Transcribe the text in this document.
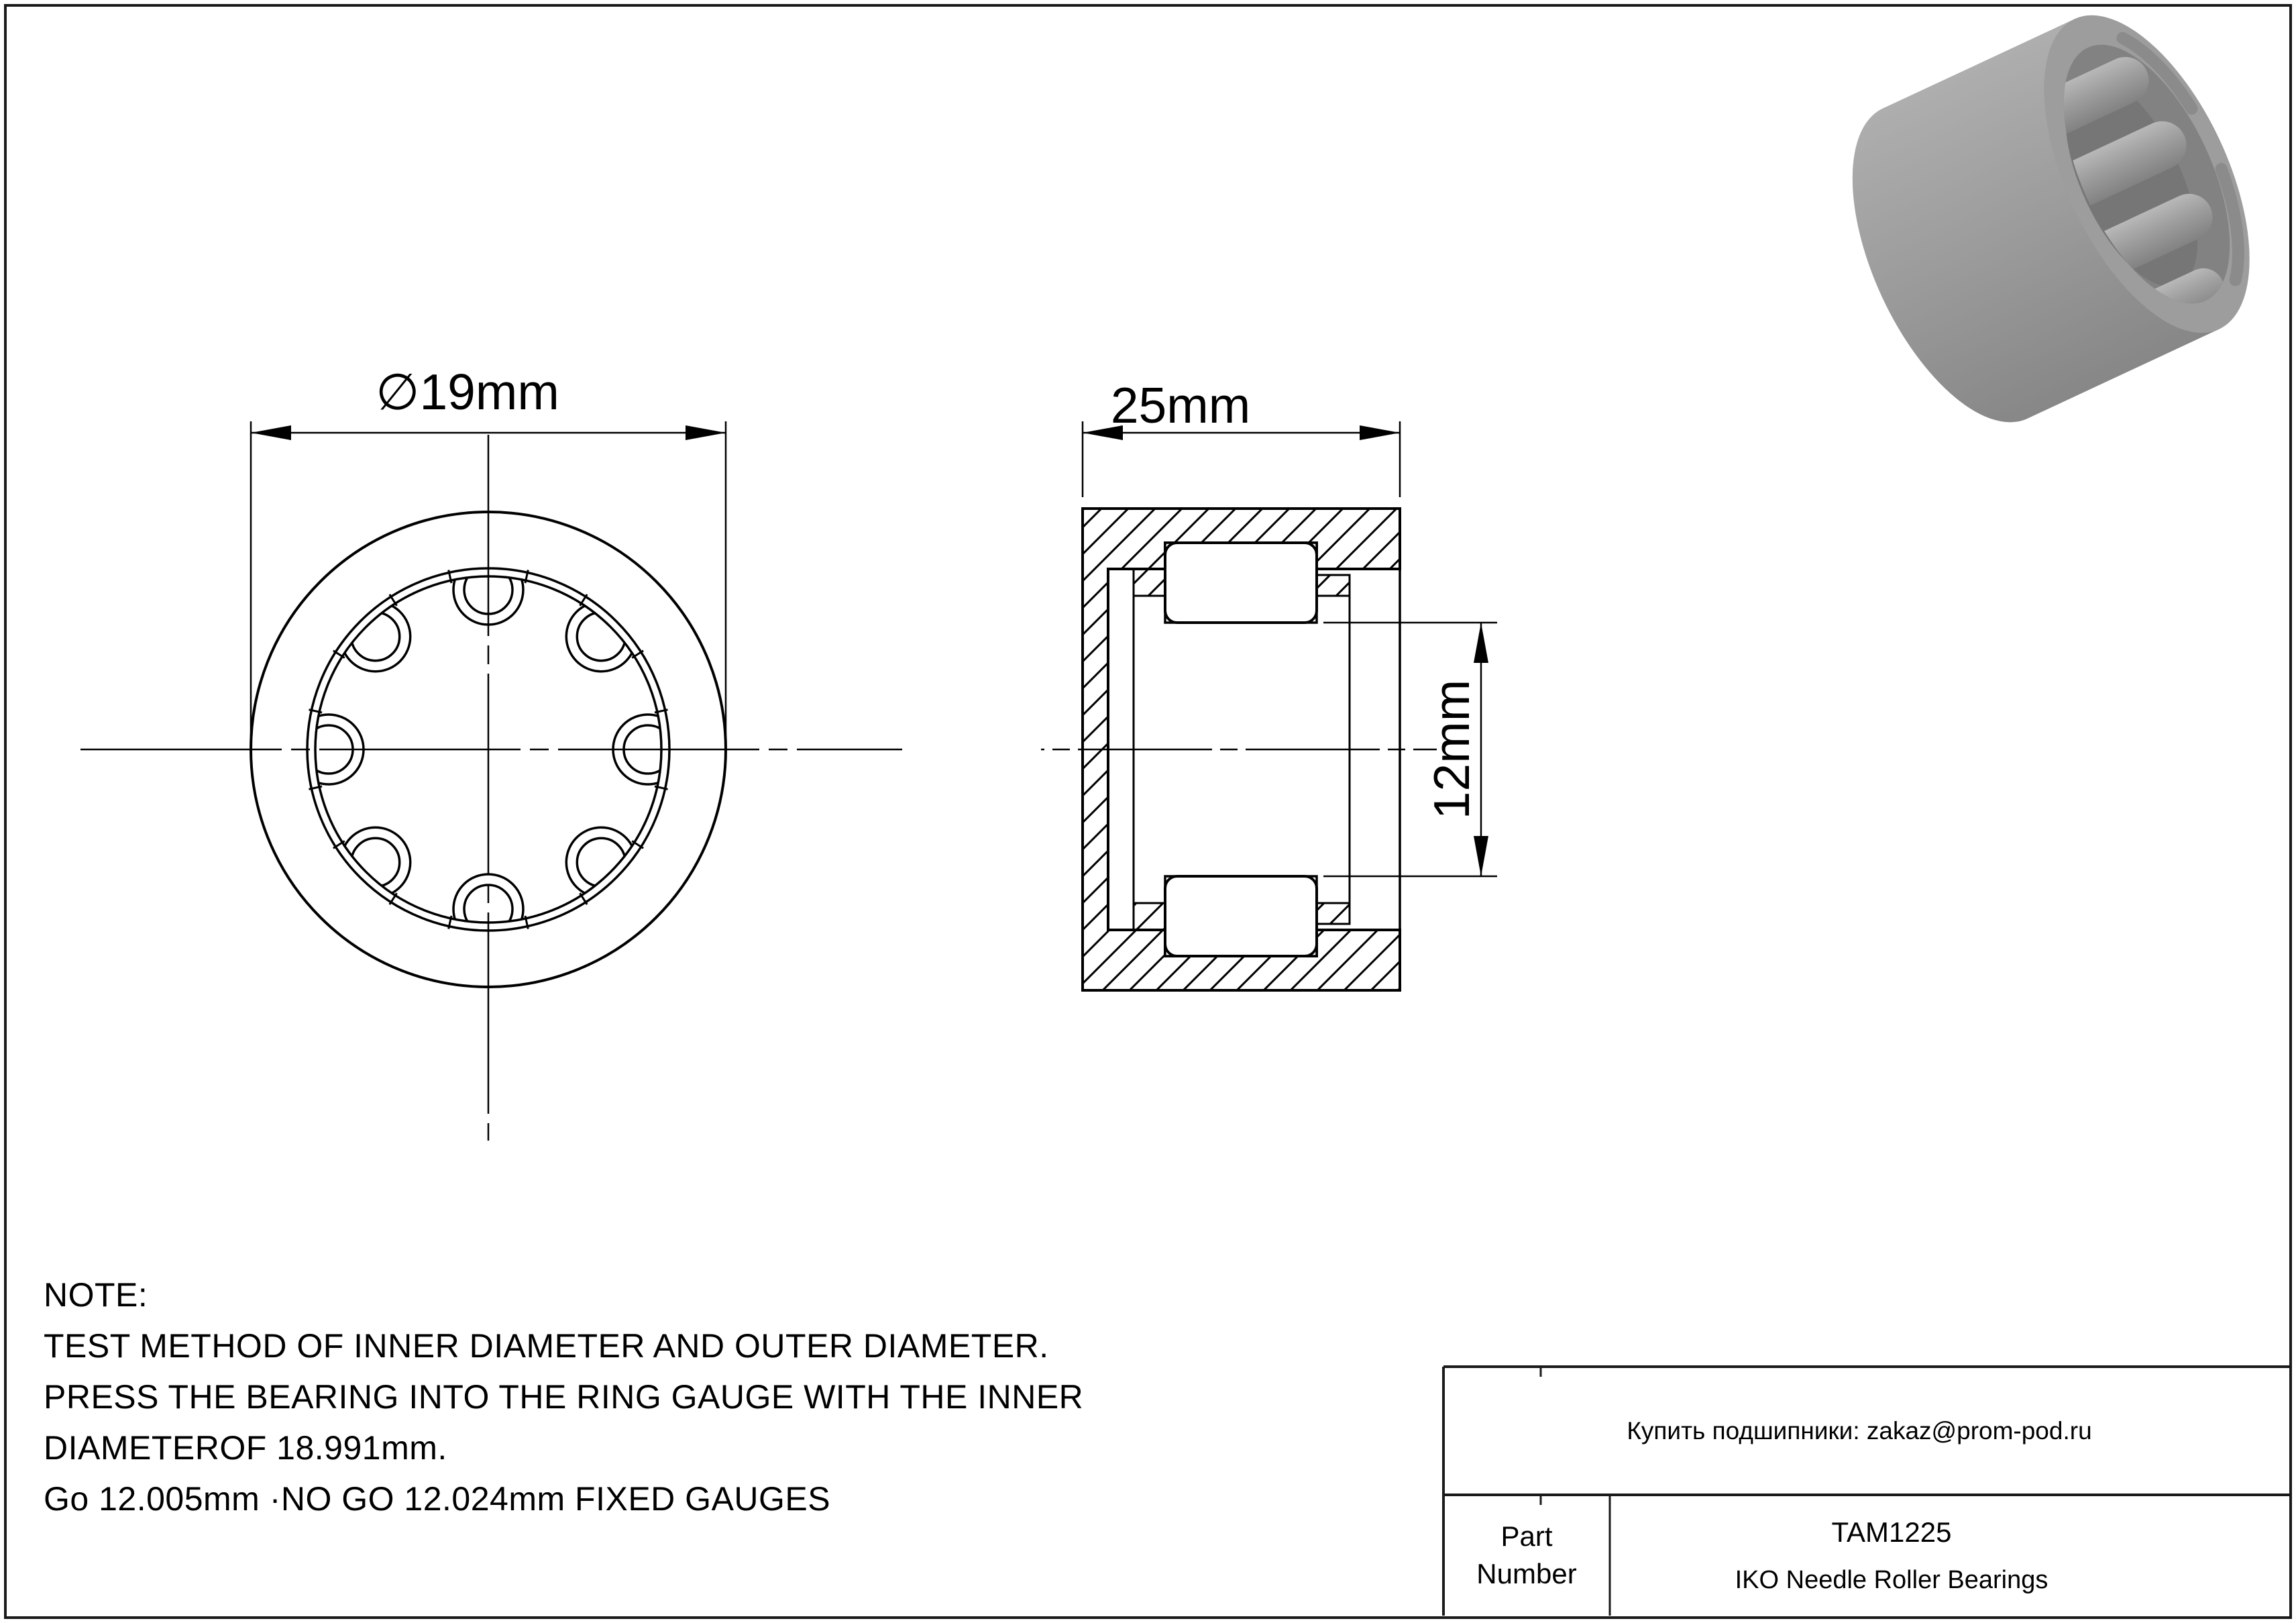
∅19mm	25mm
12mm
NOTE:
TEST METHOD OF INNER DIAMETER AND OUTER DIAMETER.
PRESS THE BEARING INTO THE RING GAUGE WITH THE INNER
DIAMETEROF 18.991mm.
Go 12.005mm ·NO GO 12.024mm FIXED GAUGES
Купить подшипники: zakaz@prom-pod.ru
Part
Number
TAM1225
IKO Needle Roller Bearings
